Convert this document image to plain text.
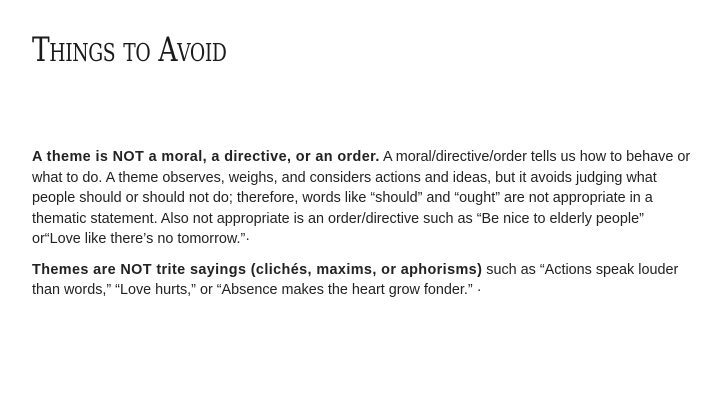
Things to Avoid

A theme is NOT a moral, a directive, or an order. A moral/directive/order tells us how to behave or what to do. A theme observes, weighs, and considers actions and ideas, but it avoids judging what people should or should not do; therefore, words like “should” and “ought” are not appropriate in a thematic statement. Also not appropriate is an order/directive such as “Be nice to elderly people” or“Love like there’s no tomorrow.”·

Themes are NOT trite sayings (clichés, maxims, or aphorisms) such as “Actions speak louder than words,” “Love hurts,” or “Absence makes the heart grow fonder.” ·
